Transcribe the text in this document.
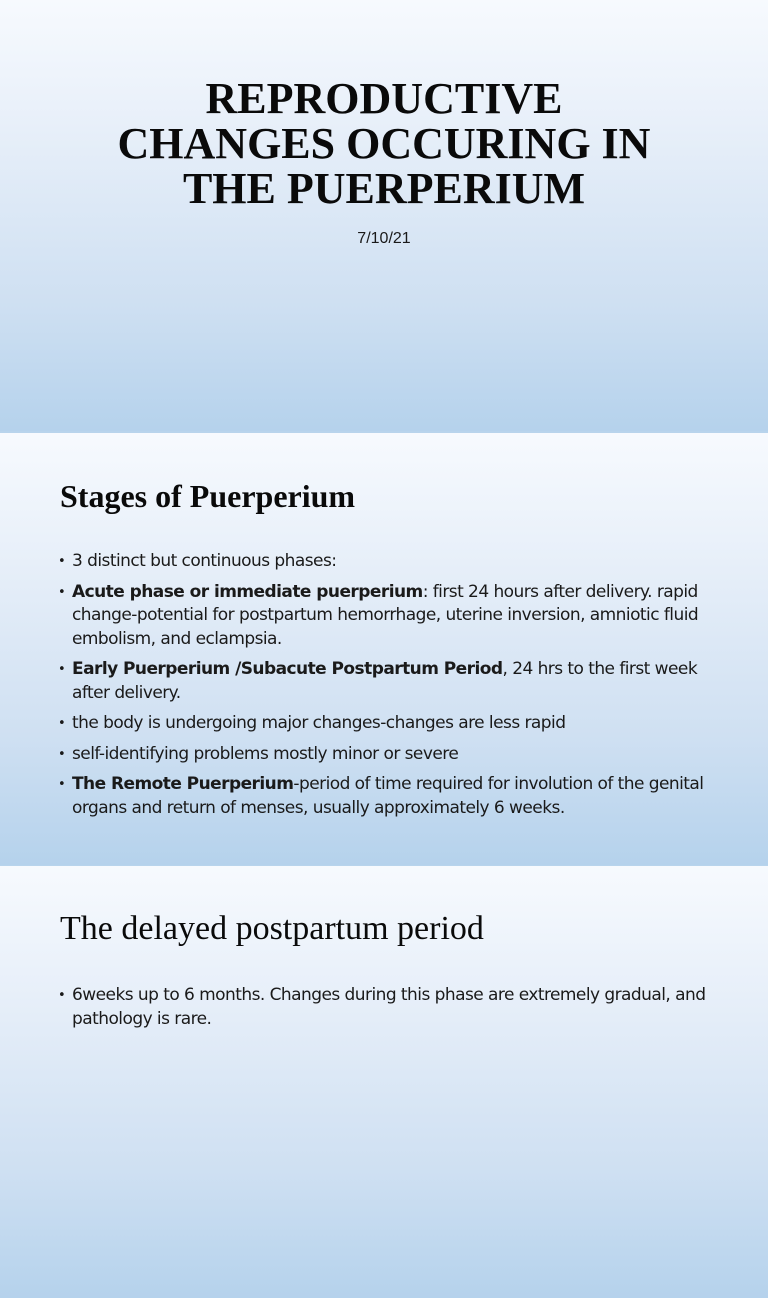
REPRODUCTIVE
CHANGES OCCURING IN
THE PUERPERIUM
7/10/21
Stages of Puerperium
• 3 distinct but continuous phases:
• Acute phase or immediate puerperium: first 24 hours after delivery. rapid change-potential for postpartum hemorrhage, uterine inversion, amniotic fluid embolism, and eclampsia.
• Early Puerperium /Subacute Postpartum Period, 24 hrs to the first week after delivery.
• the body is undergoing major changes-changes are less rapid
• self-identifying problems mostly minor or severe
• The Remote Puerperium-period of time required for involution of the genital organs and return of menses, usually approximately 6 weeks.
The delayed postpartum period
• 6weeks up to 6 months. Changes during this phase are extremely gradual, and pathology is rare.
